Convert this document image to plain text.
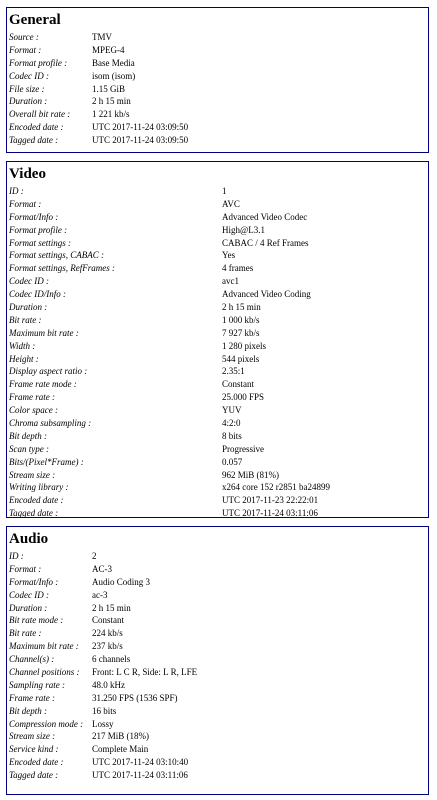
General
Source :	TMV
Format :	MPEG-4
Format profile :	Base Media
Codec ID :	isom (isom)
File size :	1.15 GiB
Duration :	2 h 15 min
Overall bit rate : 1 221 kb/s
Encoded date :	UTC 2017-11-24 03:09:50
Tagged date :	UTC 2017-11-24 03:09:50
Video
ID :	1
Format :	AVC
Format/Info :	Advanced Video Codec
Format profile :	High@L3.1
Format settings :	CABAC / 4 Ref Frames
Format settings, CABAC :	Yes
Format settings, RefFrames :	4 frames
Codec ID :	avc1
Codec ID/Info :	Advanced Video Coding
Duration :	2 h 15 min
Bit rate :	1 000 kb/s
Maximum bit rate :	7 927 kb/s
Width :	1 280 pixels
Height :	544 pixels
Display aspect ratio :	2.35:1
Frame rate mode :	Constant
Frame rate :	25.000 FPS
Color space :	YUV
Chroma subsampling :	4:2:0
Bit depth :	8 bits
Scan type :	Progressive
Bits/(Pixel*Frame) :	0.057
Stream size :	962 MiB (81%)
Writing library :	x264 core 152 r2851 ba24899
Encoded date :	UTC 2017-11-23 22:22:01
Tagged date :	UTC 2017-11-24 03:11:06
Audio
ID :	2
Format :	AC-3
Format/Info :	Audio Coding 3
Codec ID :	ac-3
Duration :	2 h 15 min
Bit rate mode :	Constant
Bit rate :	224 kb/s
Maximum bit rate : 237 kb/s
Channel(s) :	6 channels
Channel positions : Front: L C R, Side: L R, LFE
Sampling rate :	48.0 kHz
Frame rate :	31.250 FPS (1536 SPF)
Bit depth :	16 bits
Compression mode : Lossy
Stream size :	217 MiB (18%)
Service kind :	Complete Main
Encoded date :	UTC 2017-11-24 03:10:40
Tagged date :	UTC 2017-11-24 03:11:06
